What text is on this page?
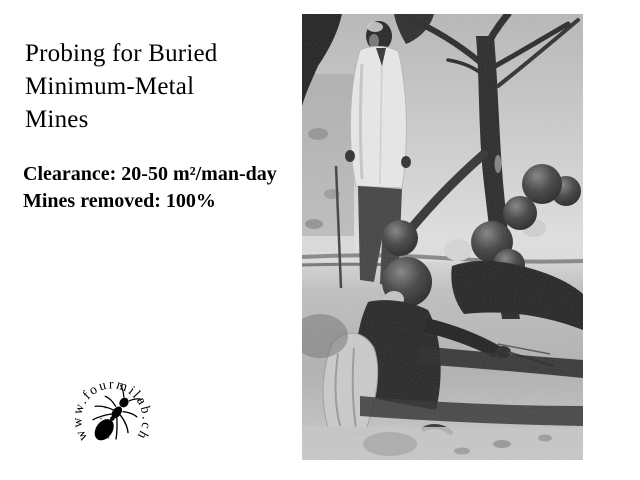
Probing for Buried
Minimum-Metal
Mines
Clearance: 20-50 m²/man-day
Mines removed: 100%
www.fourmilab.ch
